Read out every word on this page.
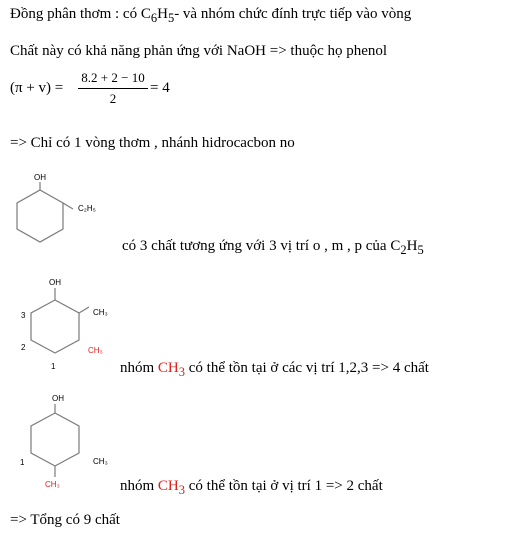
Đồng phân thơm : có $C_6H_5-$ và nhóm chức đính trực tiếp vào vòng
Chất này có khả năng phản ứng với NaOH => thuộc họ phenol
(π + v) =
8.2 + 2 − 10
2
= 4
=> Chỉ có 1 vòng thơm , nhánh hidrocacbon no
OH
C₂H₅
OH
CH₃
CH₃
3
2
1
OH
CH₃
CH₃
1
có 3 chất tương ứng với 3 vị trí o , m , p của $C_2H_5$
nhóm $CH_3$ có thể tồn tại ở các vị trí 1,2,3 => 4 chất
nhóm $CH_3$ có thể tồn tại ở vị trí 1 => 2 chất
=> Tổng có 9 chất
